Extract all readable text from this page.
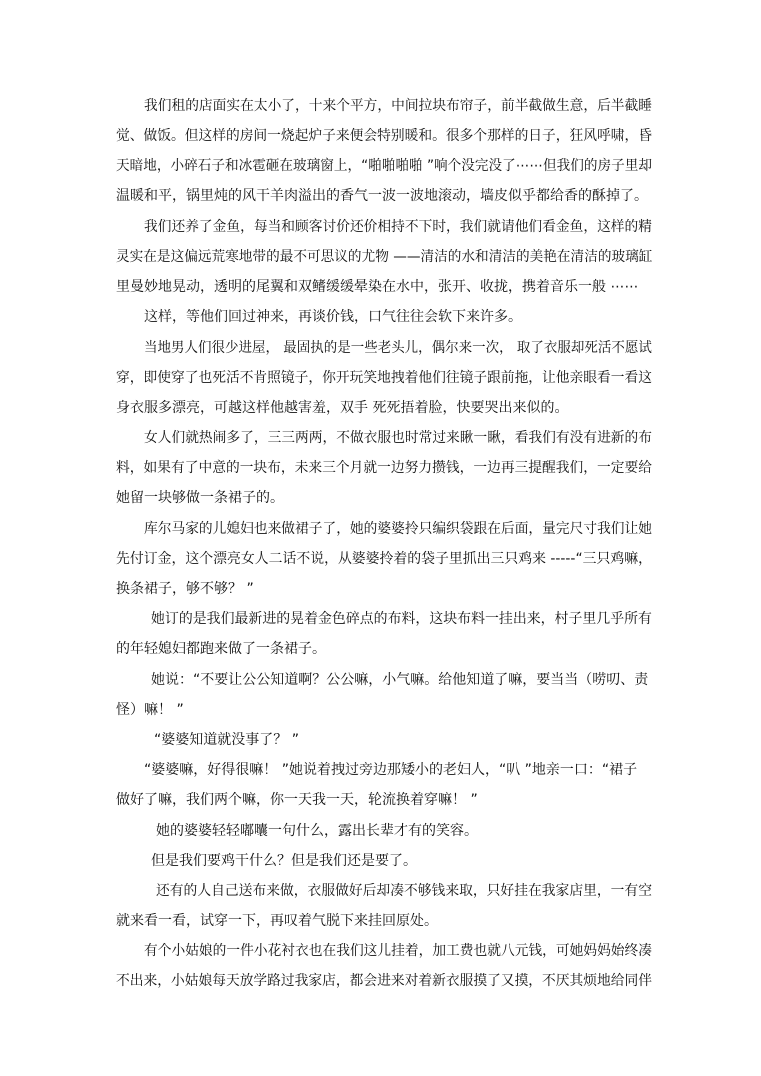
我们租的店面实在太小了，十来个平方，中间拉块布帘子，前半截做生意，后半截睡
觉、做饭。但这样的房间一烧起炉子来便会特别暖和。很多个那样的日子，狂风呼啸，昏
天暗地，小碎石子和冰雹砸在玻璃窗上，“啪啪啪啪 ”响个没完没了⋯⋯但我们的房子里却
温暖和平，锅里炖的风干羊肉溢出的香气一波一波地滚动，墙皮似乎都给香的酥掉了。
我们还养了金鱼，每当和顾客讨价还价相持不下时，我们就请他们看金鱼，这样的精
灵实在是这偏远荒寒地带的最不可思议的尤物 ——清洁的水和清洁的美艳在清洁的玻璃缸
里曼妙地晃动，透明的尾翼和双鳍缓缓晕染在水中，张开、收拢，携着音乐一般 ⋯⋯
这样，等他们回过神来，再谈价钱，口气往往会软下来许多。
当地男人们很少进屋， 最固执的是一些老头儿，偶尔来一次， 取了衣服却死活不愿试
穿，即使穿了也死活不肯照镜子，你开玩笑地拽着他们往镜子跟前拖，让他亲眼看一看这
身衣服多漂亮，可越这样他越害羞，双手 死死捂着脸，快要哭出来似的。
女人们就热闹多了，三三两两，不做衣服也时常过来瞅一瞅，看我们有没有进新的布
料，如果有了中意的一块布，未来三个月就一边努力攒钱，一边再三提醒我们，一定要给
她留一块够做一条裙子的。
库尔马家的儿媳妇也来做裙子了，她的婆婆拎只编织袋跟在后面，量完尺寸我们让她
先付订金，这个漂亮女人二话不说，从婆婆拎着的袋子里抓出三只鸡来 -----“三只鸡嘛，
换条裙子，够不够？ ”
她订的是我们最新进的晃着金色碎点的布料，这块布料一挂出来，村子里几乎所有
的年轻媳妇都跑来做了一条裙子。
她说：“不要让公公知道啊？公公嘛，小气嘛。给他知道了嘛，要当当（唠叨、责
怪）嘛！ ”
“婆婆知道就没事了？ ”
“婆婆嘛，好得很嘛！ ”她说着拽过旁边那矮小的老妇人，“叭 ”地亲一口：“裙子
做好了嘛，我们两个嘛，你一天我一天，轮流换着穿嘛！ ”
她的婆婆轻轻嘟囔一句什么，露出长辈才有的笑容。
但是我们要鸡干什么？但是我们还是要了。
还有的人自己送布来做，衣服做好后却凑不够钱来取，只好挂在我家店里，一有空
就来看一看，试穿一下，再叹着气脱下来挂回原处。
有个小姑娘的一件小花衬衣也在我们这儿挂着，加工费也就八元钱，可她妈妈始终凑
不出来，小姑娘每天放学路过我家店，都会进来对着新衣服摸了又摸，不厌其烦地给同伴
